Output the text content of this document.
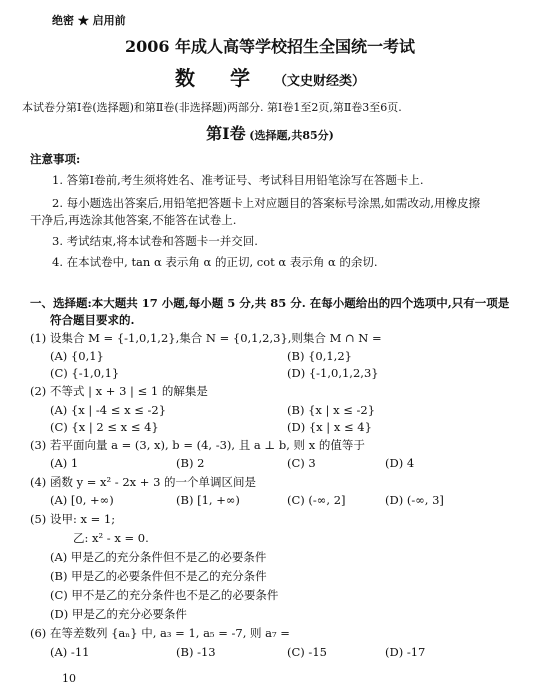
绝密 ★ 启用前
2006 年成人高等学校招生全国统一考试
数 学 （文史财经类）
本试卷分第Ⅰ卷(选择题)和第Ⅱ卷(非选择题)两部分. 第Ⅰ卷1至2页,第Ⅱ卷3至6页.
第Ⅰ卷 (选择题,共85分)
注意事项:
1. 答第Ⅰ卷前,考生须将姓名、准考证号、考试科目用铅笔涂写在答题卡上.
2. 每小题选出答案后,用铅笔把答题卡上对应题目的答案标号涂黑,如需改动,用橡皮擦
干净后,再选涂其他答案,不能答在试卷上.
3. 考试结束,将本试卷和答题卡一并交回.
4. 在本试卷中, tan α 表示角 α 的正切, cot α 表示角 α 的余切.
一、选择题:本大题共 17 小题,每小题 5 分,共 85 分. 在每小题给出的四个选项中,只有一项是
符合题目要求的.
(1) 设集合 M = {-1,0,1,2},集合 N = {0,1,2,3},则集合 M ∩ N =
(A) {0,1}	(B) {0,1,2}
(C) {-1,0,1}	(D) {-1,0,1,2,3}
(2) 不等式 | x + 3 | ≤ 1 的解集是
(A) {x | -4 ≤ x ≤ -2}	(B) {x | x ≤ -2}
(C) {x | 2 ≤ x ≤ 4}	(D) {x | x ≤ 4}
(3) 若平面向量 a = (3, x), b = (4, -3), 且 a ⊥ b, 则 x 的值等于
(A) 1	(B) 2	(C) 3	(D) 4
(4) 函数 y = x² - 2x + 3 的一个单调区间是
(A) [0, +∞)	(B) [1, +∞)	(C) (-∞, 2]	(D) (-∞, 3]
(5) 设甲: x = 1;
乙: x² - x = 0.
(A) 甲是乙的充分条件但不是乙的必要条件
(B) 甲是乙的必要条件但不是乙的充分条件
(C) 甲不是乙的充分条件也不是乙的必要条件
(D) 甲是乙的充分必要条件
(6) 在等差数列 {aₙ} 中, a₃ = 1, a₅ = -7, 则 a₇ =
(A) -11	(B) -13	(C) -15	(D) -17
10
